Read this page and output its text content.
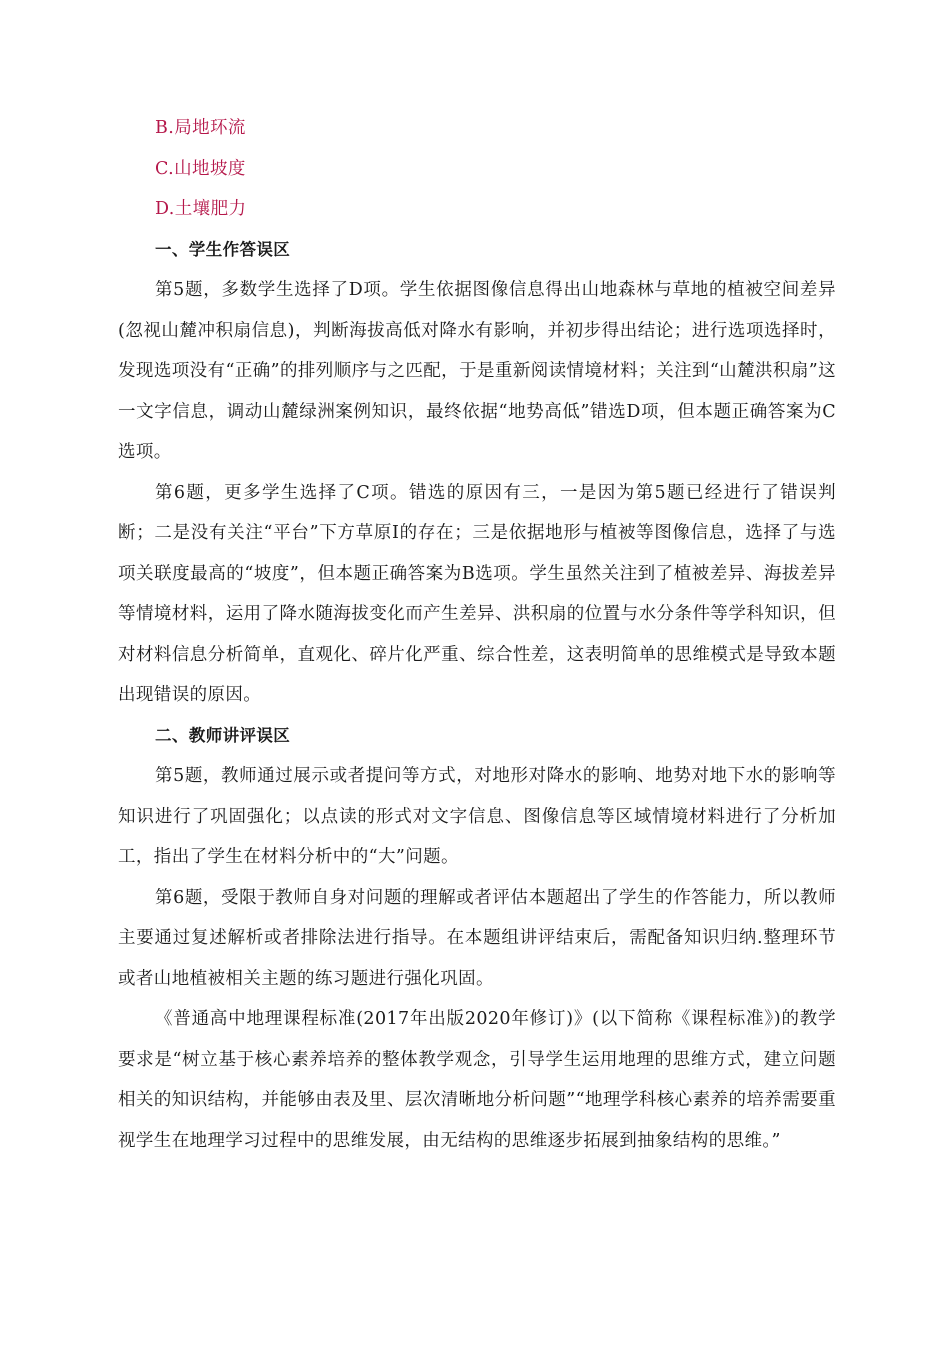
B.局地环流
C.山地坡度
D.土壤肥力
一、学生作答误区

第5题，多数学生选择了D项。学生依据图像信息得出山地森林与草地的植被空间差异(忽视山麓冲积扇信息)，判断海拔高低对降水有影响，并初步得出结论；进行选项选择时，发现选项没有“正确”的排列顺序与之匹配，于是重新阅读情境材料；关注到“山麓洪积扇”这一文字信息，调动山麓绿洲案例知识，最终依据“地势高低”错选D项，但本题正确答案为C选项。

第6题，更多学生选择了C项。错选的原因有三，一是因为第5题已经进行了错误判断；二是没有关注“平台”下方草原I的存在；三是依据地形与植被等图像信息，选择了与选项关联度最高的“坡度”，但本题正确答案为B选项。学生虽然关注到了植被差异、海拔差异等情境材料，运用了降水随海拔变化而产生差异、洪积扇的位置与水分条件等学科知识，但对材料信息分析简单，直观化、碎片化严重、综合性差，这表明简单的思维模式是导致本题出现错误的原因。

二、教师讲评误区

第5题，教师通过展示或者提问等方式，对地形对降水的影响、地势对地下水的影响等知识进行了巩固强化；以点读的形式对文字信息、图像信息等区域情境材料进行了分析加工，指出了学生在材料分析中的“大”问题。

第6题，受限于教师自身对问题的理解或者评估本题超出了学生的作答能力，所以教师主要通过复述解析或者排除法进行指导。在本题组讲评结束后，需配备知识归纳.整理环节或者山地植被相关主题的练习题进行强化巩固。

《普通高中地理课程标准(2017年出版2020年修订)》(以下简称《课程标准》)的教学要求是“树立基于核心素养培养的整体教学观念，引导学生运用地理的思维方式，建立问题相关的知识结构，并能够由表及里、层次清晰地分析问题”“地理学科核心素养的培养需要重视学生在地理学习过程中的思维发展，由无结构的思维逐步拓展到抽象结构的思维。”
